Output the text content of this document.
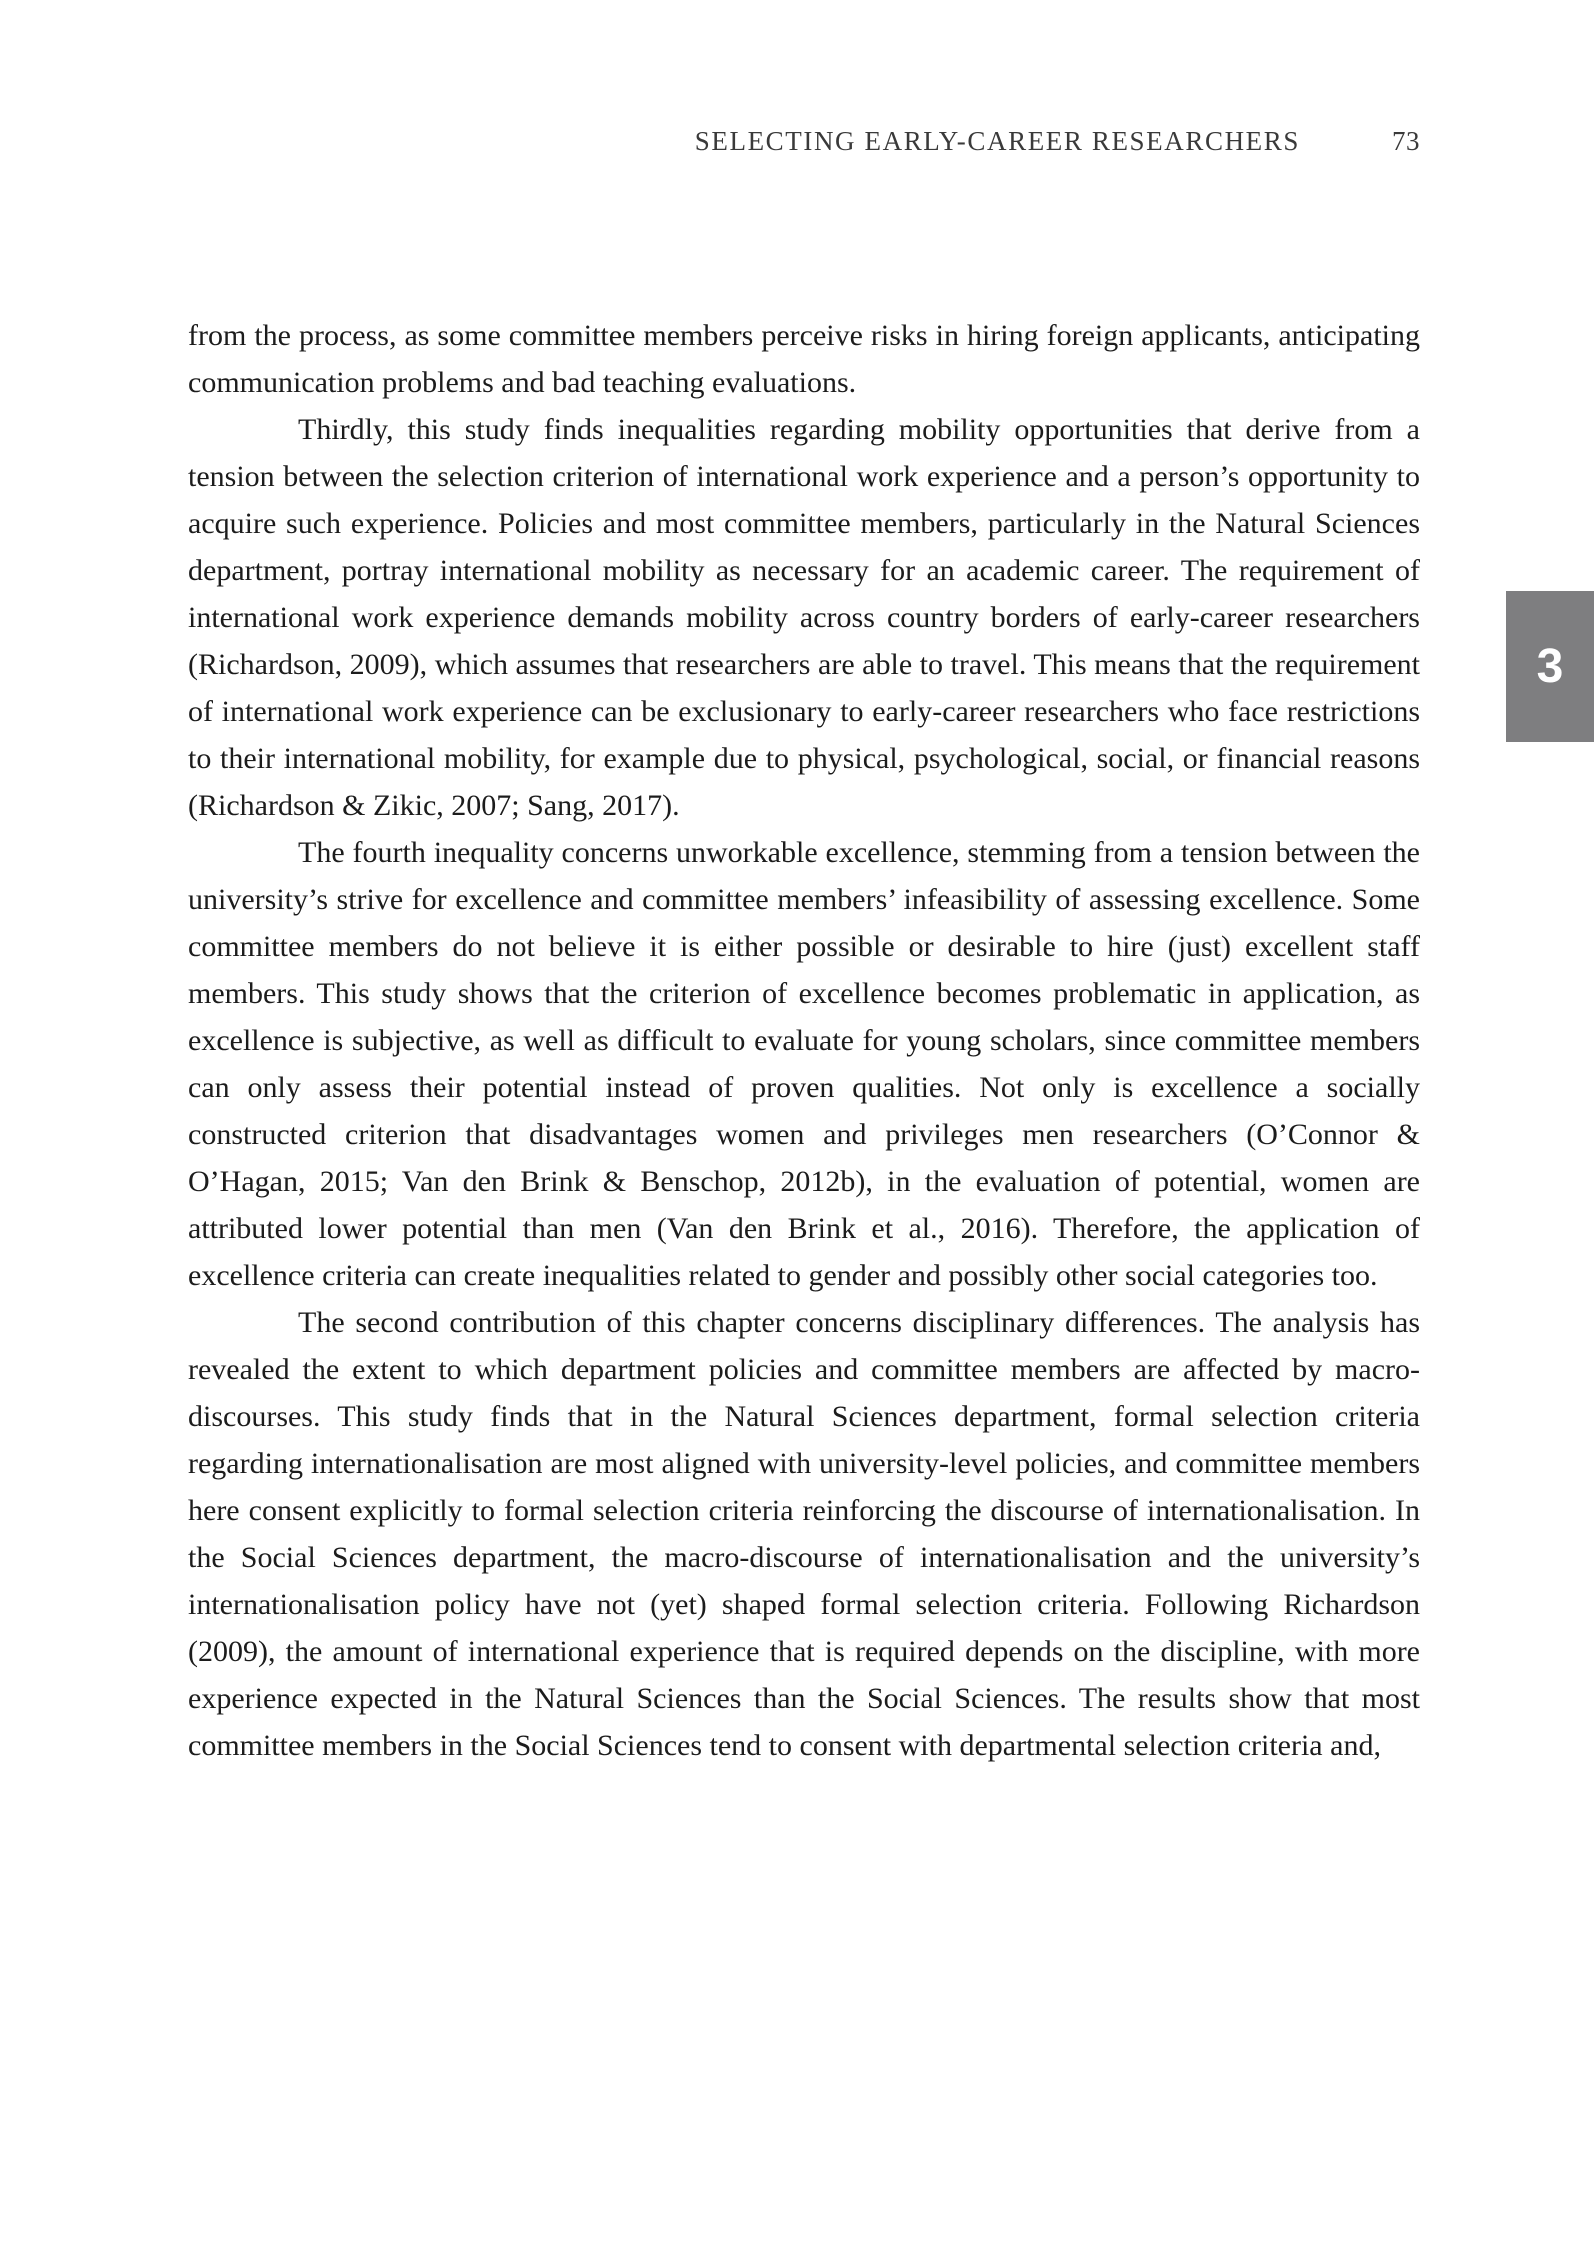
SELECTING EARLY-CAREER RESEARCHERS	73

from the process, as some committee members perceive risks in hiring foreign applicants, anticipating communication problems and bad teaching evaluations.

Thirdly, this study finds inequalities regarding mobility opportunities that derive from a tension between the selection criterion of international work experience and a person’s opportunity to acquire such experience. Policies and most committee members, particularly in the Natural Sciences department, portray international mobility as necessary for an academic career. The requirement of international work experience demands mobility across country borders of early-career researchers (Richardson, 2009), which assumes that researchers are able to travel. This means that the requirement of international work experience can be exclusionary to early-career researchers who face restrictions to their international mobility, for example due to physical, psychological, social, or financial reasons (Richardson & Zikic, 2007; Sang, 2017).

The fourth inequality concerns unworkable excellence, stemming from a tension between the university’s strive for excellence and committee members’ infeasibility of assessing excellence. Some committee members do not believe it is either possible or desirable to hire (just) excellent staff members. This study shows that the criterion of excellence becomes problematic in application, as excellence is subjective, as well as difficult to evaluate for young scholars, since committee members can only assess their potential instead of proven qualities. Not only is excellence a socially constructed criterion that disadvantages women and privileges men researchers (O’Connor & O’Hagan, 2015; Van den Brink & Benschop, 2012b), in the evaluation of potential, women are attributed lower potential than men (Van den Brink et al., 2016). Therefore, the application of excellence criteria can create inequalities related to gender and possibly other social categories too.

The second contribution of this chapter concerns disciplinary differences. The analysis has revealed the extent to which department policies and committee members are affected by macro-discourses. This study finds that in the Natural Sciences department, formal selection criteria regarding internationalisation are most aligned with university-level policies, and committee members here consent explicitly to formal selection criteria reinforcing the discourse of internationalisation. In the Social Sciences department, the macro-discourse of internationalisation and the university’s internationalisation policy have not (yet) shaped formal selection criteria. Following Richardson (2009), the amount of international experience that is required depends on the discipline, with more experience expected in the Natural Sciences than the Social Sciences. The results show that most committee members in the Social Sciences tend to consent with departmental selection criteria and,

3
